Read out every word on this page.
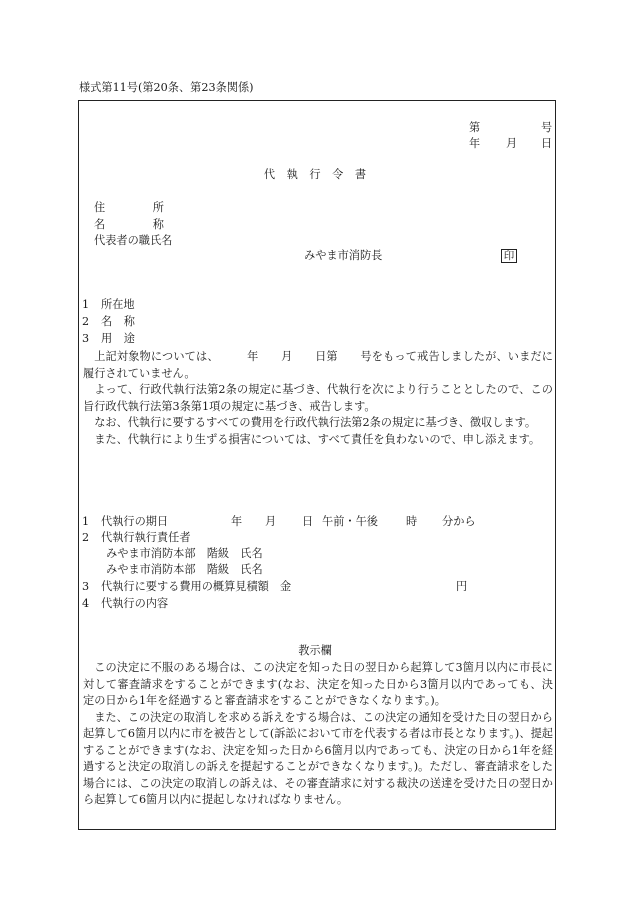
様式第11号(第20条、第23条関係)
第	号
年 月 日
代 執 行 令 書
住 所
名 称
代表者の職氏名
みやま市消防長	印
1 所在地
2 名 称
3 用 途

上記対象物については、　　　年　　月　　日第　　号をもって戒告しましたが、いまだに履行されていません。

よって、行政代執行法第2条の規定に基づき、代執行を次により行うこととしたので、この旨行政代執行法第3条第1項の規定に基づき、戒告します。

なお、代執行に要するすべての費用を行政代執行法第2条の規定に基づき、徴収します。

また、代執行により生ずる損害については、すべて責任を負わないので、申し添えます。

1 代執行の期日	年 月 日 午前・午後	時 分から
2 代執行執行責任者
みやま市消防本部　階級　氏名
みやま市消防本部　階級　氏名
3 代執行に要する費用の概算見積額　金	円
4 代執行の内容
教示欄

この決定に不服のある場合は、この決定を知った日の翌日から起算して3箇月以内に市長に対して審査請求をすることができます(なお、決定を知った日から3箇月以内であっても、決定の日から1年を経過すると審査請求をすることができなくなります。)。

また、この決定の取消しを求める訴えをする場合は、この決定の通知を受けた日の翌日から起算して6箇月以内に市を被告として(訴訟において市を代表する者は市長となります。)、提起することができます(なお、決定を知った日から6箇月以内であっても、決定の日から1年を経過すると決定の取消しの訴えを提起することができなくなります。)。ただし、審査請求をした場合には、この決定の取消しの訴えは、その審査請求に対する裁決の送達を受けた日の翌日から起算して6箇月以内に提起しなければなりません。
